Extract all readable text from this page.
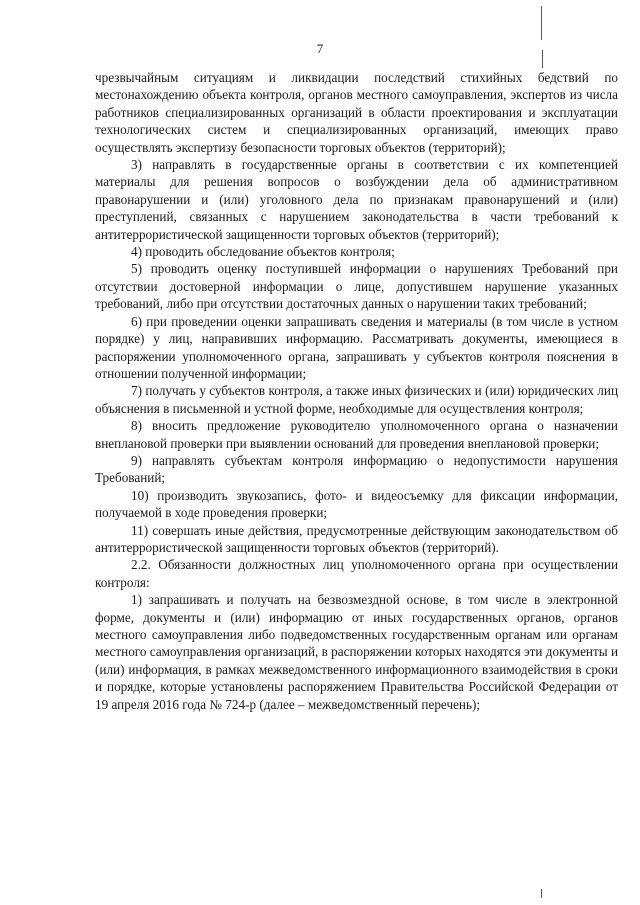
7

чрезвычайным ситуациям и ликвидации последствий стихийных бедствий по местонахождению объекта контроля, органов местного самоуправления, экспертов из числа работников специализированных организаций в области проектирования и эксплуатации технологических систем и специализированных организаций, имеющих право осуществлять экспертизу безопасности торговых объектов (территорий);

3) направлять в государственные органы в соответствии с их компетенцией материалы для решения вопросов о возбуждении дела об административном правонарушении и (или) уголовного дела по признакам правонарушений и (или) преступлений, связанных с нарушением законодательства в части требований к антитеррористической защищенности торговых объектов (территорий);

4) проводить обследование объектов контроля;

5) проводить оценку поступившей информации о нарушениях Требований при отсутствии достоверной информации о лице, допустившем нарушение указанных требований, либо при отсутствии достаточных данных о нарушении таких требований;

6) при проведении оценки запрашивать сведения и материалы (в том числе в устном порядке) у лиц, направивших информацию. Рассматривать документы, имеющиеся в распоряжении уполномоченного органа, запрашивать у субъектов контроля пояснения в отношении полученной информации;

7) получать у субъектов контроля, а также иных физических и (или) юридических лиц объяснения в письменной и устной форме, необходимые для осуществления контроля;

8) вносить предложение руководителю уполномоченного органа о назначении внеплановой проверки при выявлении оснований для проведения внеплановой проверки;

9) направлять субъектам контроля информацию о недопустимости нарушения Требований;

10) производить звукозапись, фото- и видеосъемку для фиксации информации, получаемой в ходе проведения проверки;

11) совершать иные действия, предусмотренные действующим законодательством об антитеррористической защищенности торговых объектов (территорий).

2.2. Обязанности должностных лиц уполномоченного органа при осуществлении контроля:

1) запрашивать и получать на безвозмездной основе, в том числе в электронной форме, документы и (или) информацию от иных государственных органов, органов местного самоуправления либо подведомственных государственным органам или органам местного самоуправления организаций, в распоряжении которых находятся эти документы и (или) информация, в рамках межведомственного информационного взаимодействия в сроки и порядке, которые установлены распоряжением Правительства Российской Федерации от 19 апреля 2016 года № 724-р (далее – межведомственный перечень);
